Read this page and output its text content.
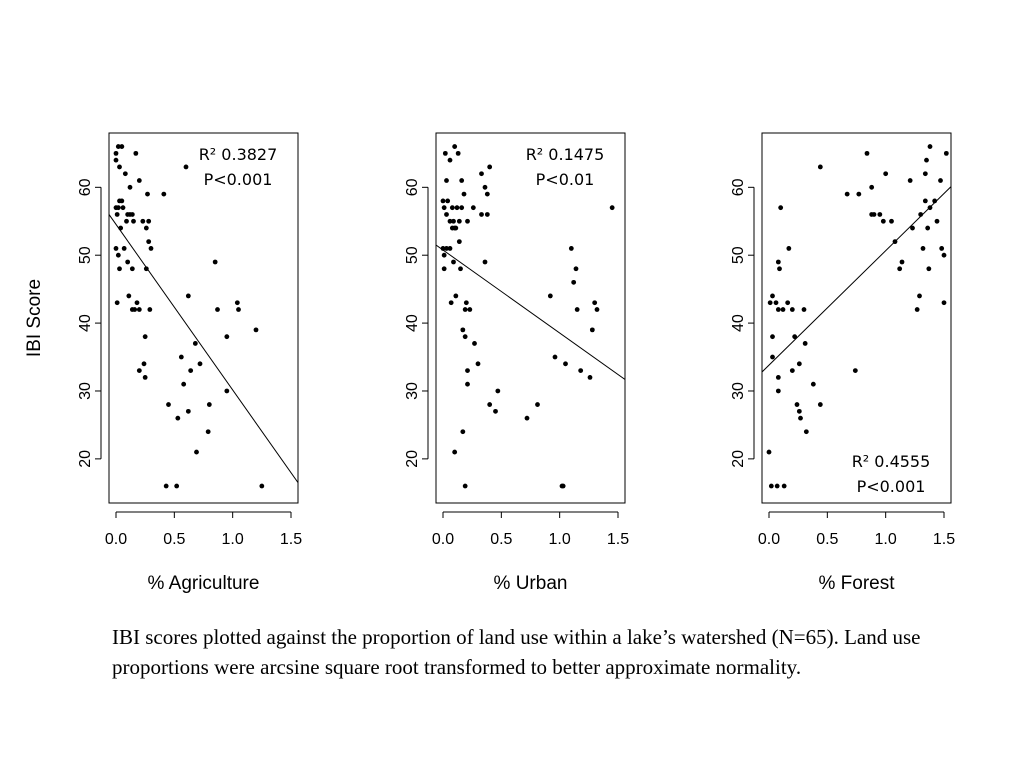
20
30
40
50
60
0.0 0.5 1.0 1.5
% Agriculture
IBI Score
R² 0.3827
P<0.001
20
30
40
50
60
0.0 0.5 1.0 1.5
% Urban
R² 0.1475
P<0.01
20
30
40
50
60
0.0 0.5 1.0 1.5
% Forest
R² 0.4555
P<0.001

IBI scores plotted against the proportion of land use within a lake’s watershed (N=65). Land use proportions were arcsine square root transformed to better approximate normality.
